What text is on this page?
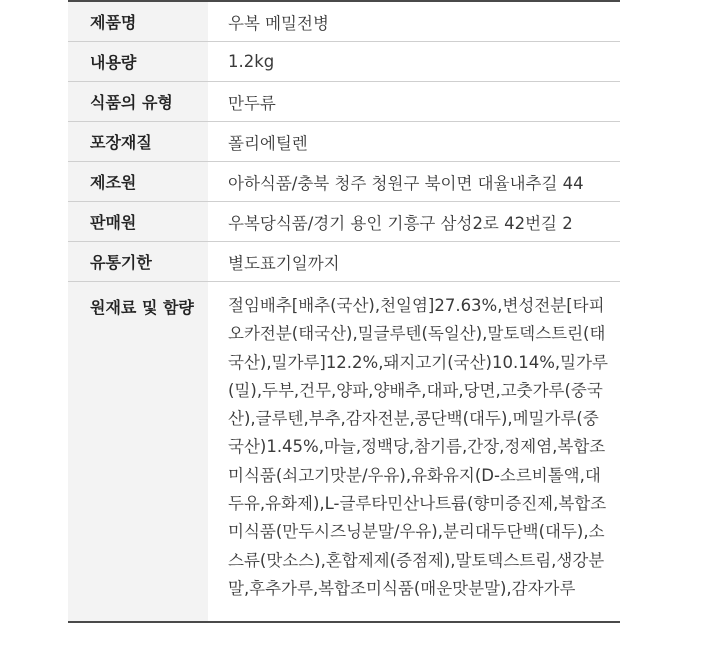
제품명	우복 메밀전병
내용량	1.2kg
식품의 유형	만두류
포장재질	폴리에틸렌
제조원	아하식품/충북 청주 청원구 북이면 대율내추길 44
판매원	우복당식품/경기 용인 기흥구 삼성2로 42번길 2
유통기한	별도표기일까지
원재료 및 함량	절임배추[배추(국산),천일염]27.63%,변성전분[타피오카전분(태국산),밀글루텐(독일산),말토덱스트린(태국산),밀가루]12.2%,돼지고기(국산)10.14%,밀가루(밀),두부,건무,양파,양배추,대파,당면,고춧가루(중국산),글루텐,부추,감자전분,콩단백(대두),메밀가루(중국산)1.45%,마늘,정백당,참기름,간장,정제염,복합조미식품(쇠고기맛분/우유),유화유지(D-소르비톨액,대두유,유화제),L-글루타민산나트륨(향미증진제,복합조미식품(만두시즈닝분말/우유),분리대두단백(대두),소스류(맛소스),혼합제제(증점제),말토덱스트림,생강분말,후추가루,복합조미식품(매운맛분말),감자가루
